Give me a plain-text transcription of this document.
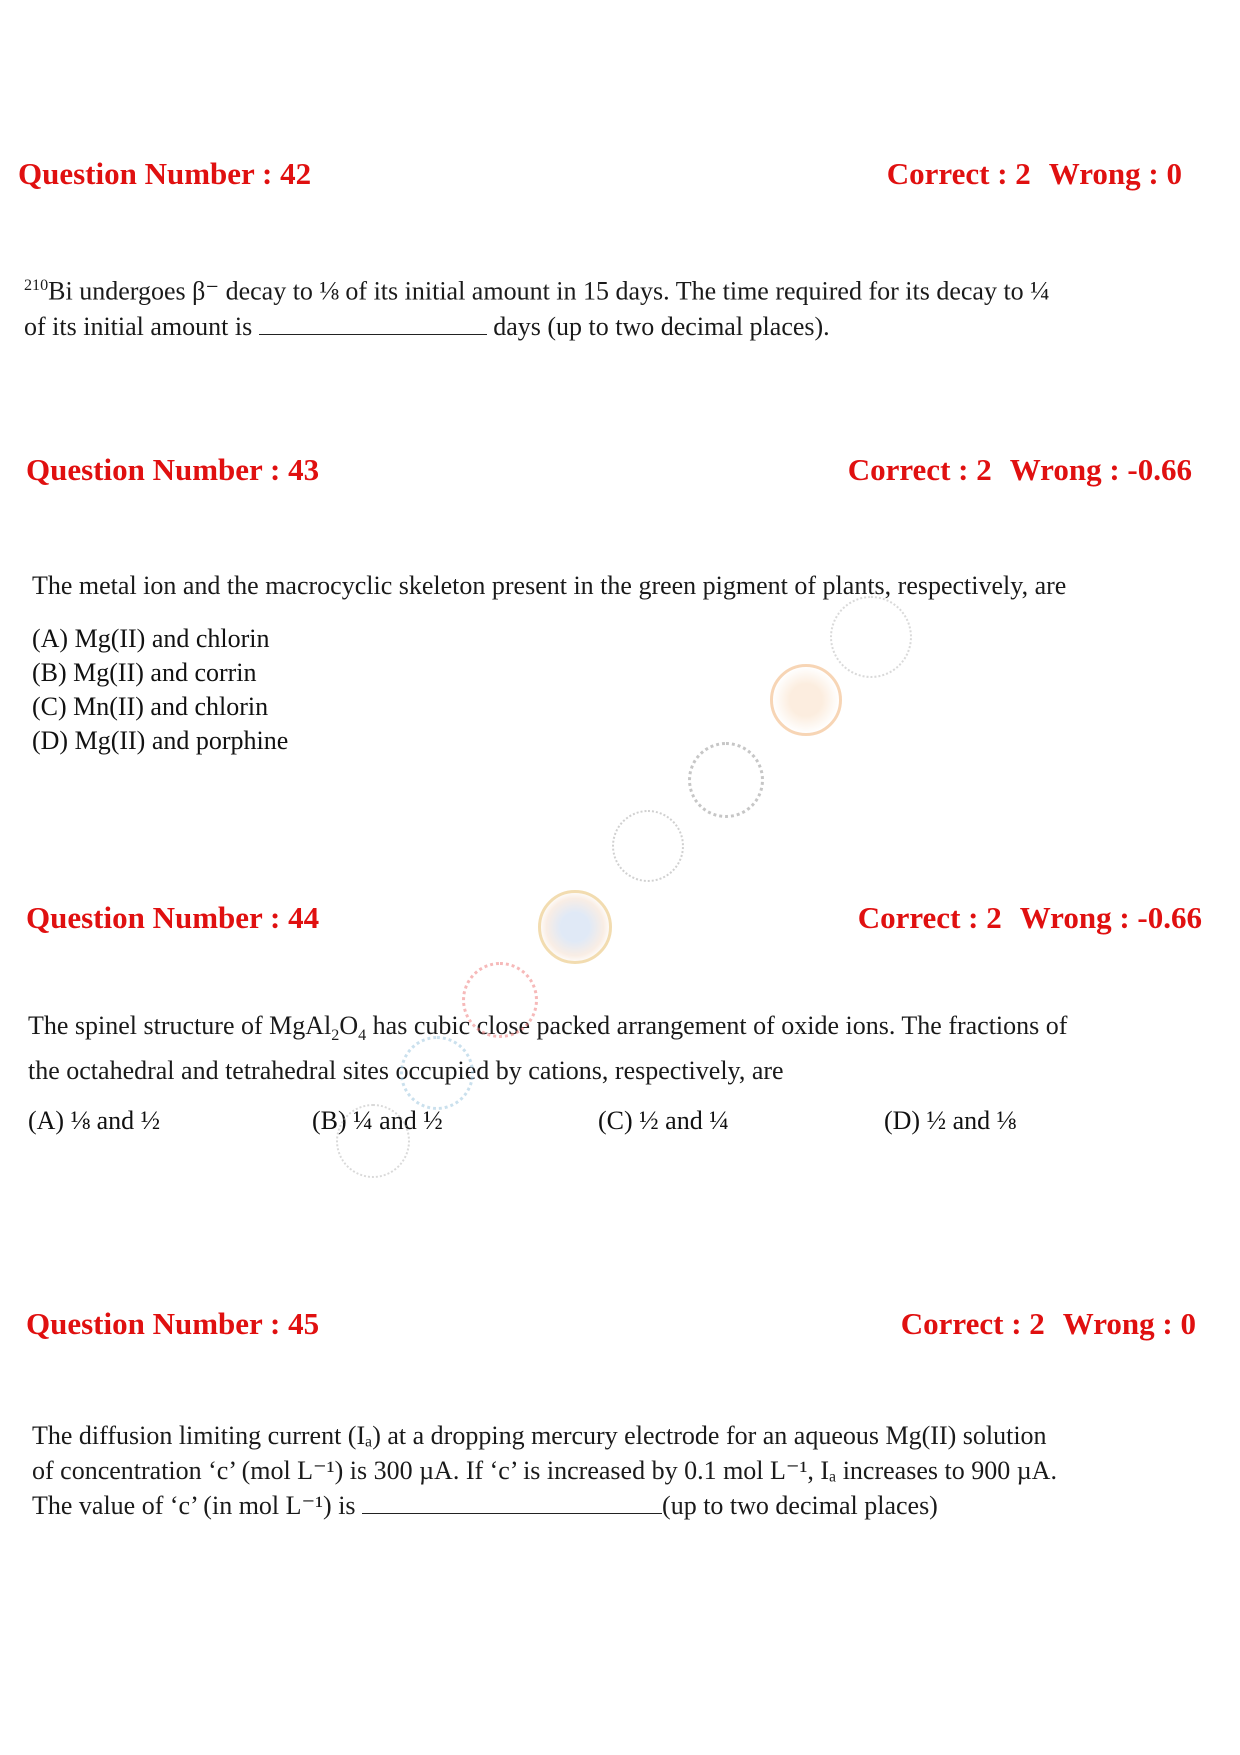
Question Number : 42	Correct : 2 Wrong : 0

$^{210}$Bi undergoes β⁻ decay to ⅛ of its initial amount in 15 days. The time required for its decay to ¼

of its initial amount is	days (up to two decimal places).

Question Number : 43	Correct : 2 Wrong : -0.66

The metal ion and the macrocyclic skeleton present in the green pigment of plants, respectively, are

(A) Mg(II) and chlorin
(B) Mg(II) and corrin
(C) Mn(II) and chlorin
(D) Mg(II) and porphine
Question Number : 44	Correct : 2 Wrong : -0.66

The spinel structure of $MgAl_2O_4$ has cubic close packed arrangement of oxide ions. The fractions of

the octahedral and tetrahedral sites occupied by cations, respectively, are

(A) ⅛ and ½	(B) ¼ and ½	(C) ½ and ¼	(D) ½ and ⅛
Question Number : 45	Correct : 2 Wrong : 0

The diffusion limiting current (Iₐ) at a dropping mercury electrode for an aqueous Mg(II) solution

of concentration ‘c’ (mol L⁻¹) is 300 µA. If ‘c’ is increased by 0.1 mol L⁻¹, Iₐ increases to 900 µA.

The value of ‘c’ (in mol L⁻¹) is	(up to two decimal places)
